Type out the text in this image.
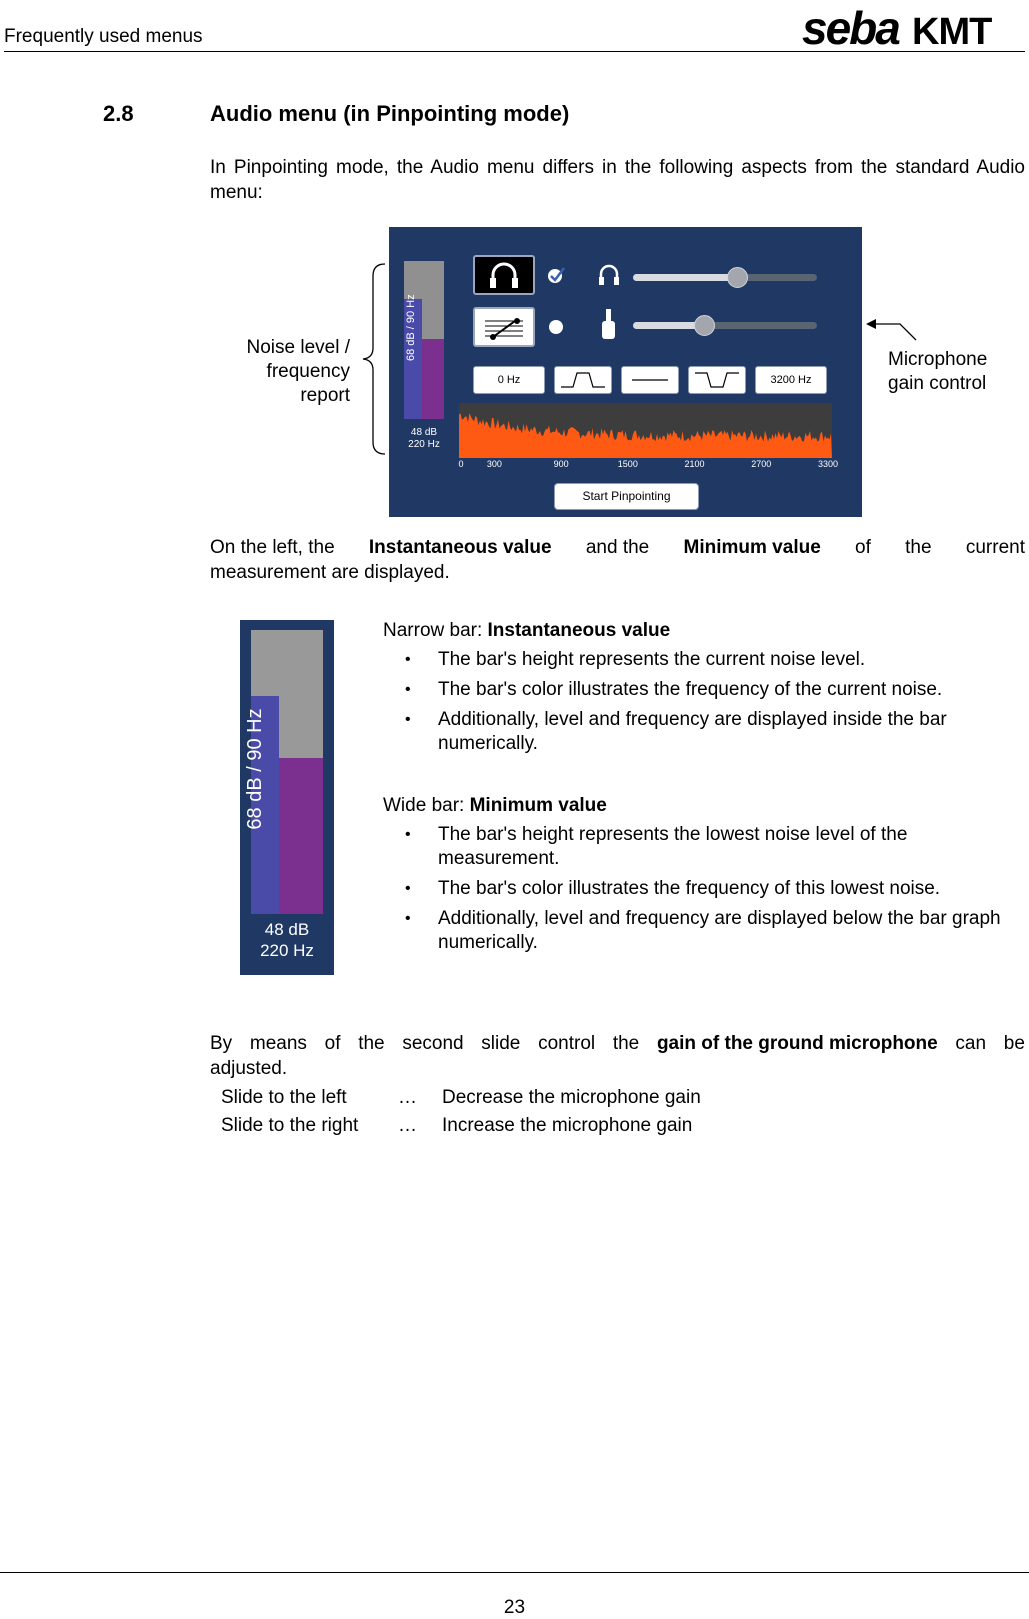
Frequently used menus	seba KMT
2.8	Audio menu (in Pinpointing mode)
In Pinpointing mode, the Audio menu differs in the following aspects from the standard Audio menu:
Noise level /
frequency
report
Microphone
gain control
68 dB / 90 Hz
48 dB
220 Hz
0 Hz	3200 Hz
0	300	900	1500	2100	2700	3300
Start Pinpointing
On the left, the Instantaneous value and the Minimum value of the current
measurement are displayed.
68 dB / 90 Hz
48 dB
220 Hz
Narrow bar: Instantaneous value
• The bar's height represents the current noise level.
• The bar's color illustrates the frequency of the current noise.
• Additionally, level and frequency are displayed inside the bar numerically.
Wide bar: Minimum value
• The bar's height represents the lowest noise level of the measurement.
• The bar's color illustrates the frequency of this lowest noise.
• Additionally, level and frequency are displayed below the bar graph numerically.
By means of the second slide control the gain of the ground microphone can be
adjusted.
Slide to the left	… Decrease the microphone gain
Slide to the right … Increase the microphone gain
23
